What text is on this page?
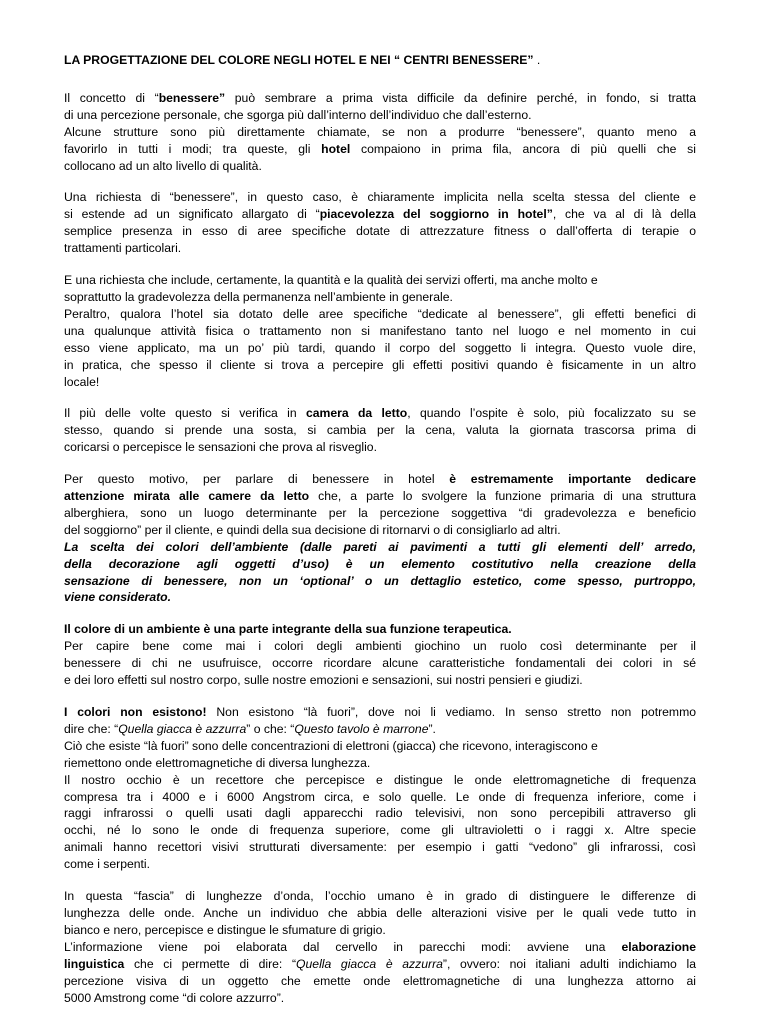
LA PROGETTAZIONE DEL COLORE NEGLI HOTEL E NEI “ CENTRI BENESSERE” .

Il concetto di “benessere” può sembrare a prima vista difficile da definire perché, in fondo, si tratta
di una percezione personale, che sgorga più dall’interno dell’individuo che dall’esterno.
Alcune strutture sono più direttamente chiamate, se non a produrre “benessere”, quanto meno a
favorirlo in tutti i modi; tra queste, gli hotel compaiono in prima fila, ancora di più quelli che si
collocano ad un alto livello di qualità.

Una richiesta di “benessere”, in questo caso, è chiaramente implicita nella scelta stessa del cliente e
si estende ad un significato allargato di “piacevolezza del soggiorno in hotel”, che va al di là della
semplice presenza in esso di aree specifiche dotate di attrezzature fitness o dall’offerta di terapie o
trattamenti particolari.

E una richiesta che include, certamente, la quantità e la qualità dei servizi offerti, ma anche molto e
soprattutto la gradevolezza della permanenza nell’ambiente in generale.
Peraltro, qualora l’hotel sia dotato delle aree specifiche “dedicate al benessere”, gli effetti benefici di
una qualunque attività fisica o trattamento non si manifestano tanto nel luogo e nel momento in cui
esso viene applicato, ma un po’ più tardi, quando il corpo del soggetto li integra. Questo vuole dire,
in pratica, che spesso il cliente si trova a percepire gli effetti positivi quando è fisicamente in un altro
locale!

Il più delle volte questo si verifica in camera da letto, quando l’ospite è solo, più focalizzato su se
stesso, quando si prende una sosta, si cambia per la cena, valuta la giornata trascorsa prima di
coricarsi o percepisce le sensazioni che prova al risveglio.

Per questo motivo, per parlare di benessere in hotel è estremamente importante dedicare
attenzione mirata alle camere da letto che, a parte lo svolgere la funzione primaria di una struttura
alberghiera, sono un luogo determinante per la percezione soggettiva “di gradevolezza e beneficio
del soggiorno” per il cliente, e quindi della sua decisione di ritornarvi o di consigliarlo ad altri.
La scelta dei colori dell’ambiente (dalle pareti ai pavimenti a tutti gli elementi dell’ arredo,
della decorazione agli oggetti d’uso) è un elemento costitutivo nella creazione della
sensazione di benessere, non un ‘optional’ o un dettaglio estetico, come spesso, purtroppo,
viene considerato.

Il colore di un ambiente è una parte integrante della sua funzione terapeutica.
Per capire bene come mai i colori degli ambienti giochino un ruolo così determinante per il
benessere di chi ne usufruisce, occorre ricordare alcune caratteristiche fondamentali dei colori in sé
e dei loro effetti sul nostro corpo, sulle nostre emozioni e sensazioni, sui nostri pensieri e giudizi.

I colori non esistono! Non esistono “là fuori”, dove noi li vediamo. In senso stretto non potremmo
dire che: “Quella giacca è azzurra” o che: “Questo tavolo è marrone”.
Ciò che esiste “là fuori” sono delle concentrazioni di elettroni (giacca) che ricevono, interagiscono e
riemettono onde elettromagnetiche di diversa lunghezza.
Il nostro occhio è un recettore che percepisce e distingue le onde elettromagnetiche di frequenza
compresa tra i 4000 e i 6000 Angstrom circa, e solo quelle. Le onde di frequenza inferiore, come i
raggi infrarossi o quelli usati dagli apparecchi radio televisivi, non sono percepibili attraverso gli
occhi, né lo sono le onde di frequenza superiore, come gli ultravioletti o i raggi x. Altre specie
animali hanno recettori visivi strutturati diversamente: per esempio i gatti “vedono” gli infrarossi, così
come i serpenti.

In questa “fascia” di lunghezze d’onda, l’occhio umano è in grado di distinguere le differenze di
lunghezza delle onde. Anche un individuo che abbia delle alterazioni visive per le quali vede tutto in
bianco e nero, percepisce e distingue le sfumature di grigio.
L’informazione viene poi elaborata dal cervello in parecchi modi: avviene una elaborazione
linguistica che ci permette di dire: “Quella giacca è azzurra”, ovvero: noi italiani adulti indichiamo la
percezione visiva di un oggetto che emette onde elettromagnetiche di una lunghezza attorno ai
5000 Amstrong come “di colore azzurro”.
